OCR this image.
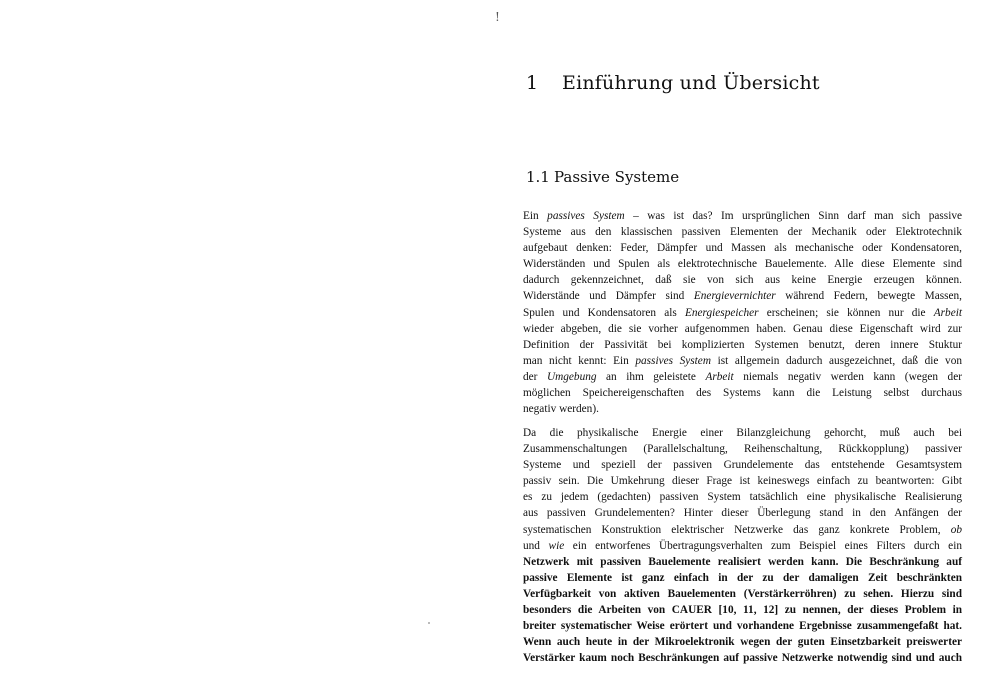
!
1 Einführung und Übersicht
1.1 Passive Systeme
Ein passives System – was ist das? Im ursprünglichen Sinn darf man sich passive
Systeme aus den klassischen passiven Elementen der Mechanik oder Elektrotechnik
aufgebaut denken: Feder, Dämpfer und Massen als mechanische oder Kondensatoren,
Widerständen und Spulen als elektrotechnische Bauelemente. Alle diese Elemente sind
dadurch gekennzeichnet, daß sie von sich aus keine Energie erzeugen können.
Widerstände und Dämpfer sind Energievernichter während Federn, bewegte Massen,
Spulen und Kondensatoren als Energiespeicher erscheinen; sie können nur die Arbeit
wieder abgeben, die sie vorher aufgenommen haben. Genau diese Eigenschaft wird zur
Definition der Passivität bei komplizierten Systemen benutzt, deren innere Stuktur
man nicht kennt: Ein passives System ist allgemein dadurch ausgezeichnet, daß die von
der Umgebung an ihm geleistete Arbeit niemals negativ werden kann (wegen der
möglichen Speichereigenschaften des Systems kann die Leistung selbst durchaus
negativ werden).
Da die physikalische Energie einer Bilanzgleichung gehorcht, muß auch bei
Zusammenschaltungen (Parallelschaltung, Reihenschaltung, Rückkopplung) passiver
Systeme und speziell der passiven Grundelemente das entstehende Gesamtsystem
passiv sein. Die Umkehrung dieser Frage ist keineswegs einfach zu beantworten: Gibt
es zu jedem (gedachten) passiven System tatsächlich eine physikalische Realisierung
aus passiven Grundelementen? Hinter dieser Überlegung stand in den Anfängen der
systematischen Konstruktion elektrischer Netzwerke das ganz konkrete Problem, ob
und wie ein entworfenes Übertragungsverhalten zum Beispiel eines Filters durch ein
Netzwerk mit passiven Bauelemente realisiert werden kann. Die Beschränkung auf
passive Elemente ist ganz einfach in der zu der damaligen Zeit beschränkten
Verfügbarkeit von aktiven Bauelementen (Verstärkerröhren) zu sehen. Hierzu sind
besonders die Arbeiten von CAUER [10, 11, 12] zu nennen, der dieses Problem in
breiter systematischer Weise erörtert und vorhandene Ergebnisse zusammengefaßt hat.
Wenn auch heute in der Mikroelektronik wegen der guten Einsetzbarkeit preiswerter
Verstärker kaum noch Beschränkungen auf passive Netzwerke notwendig sind und auch
